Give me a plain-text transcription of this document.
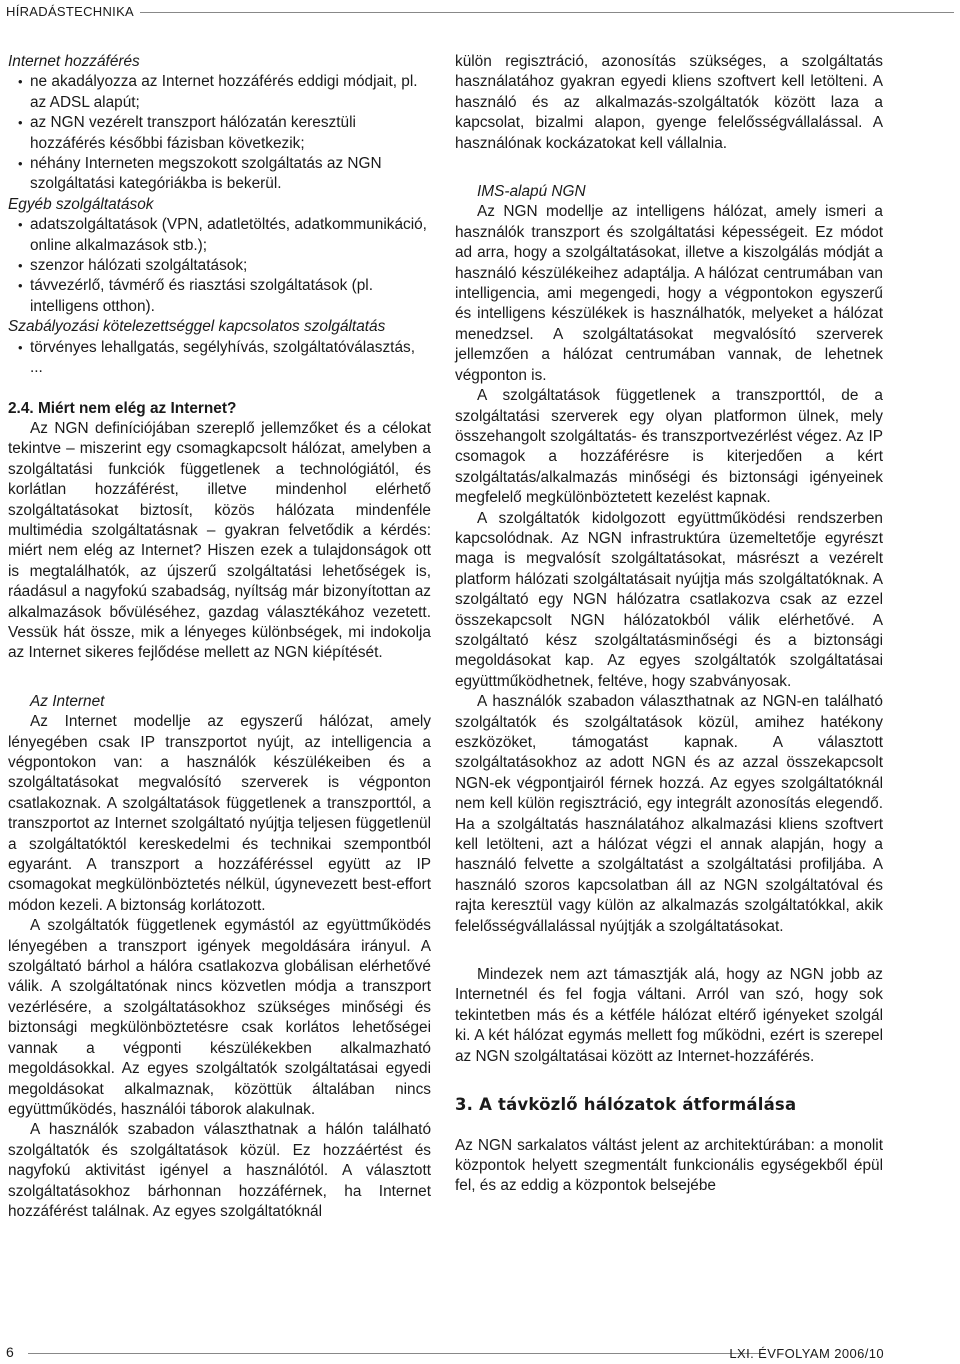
HÍRADÁSTECHNIKA

Internet hozzáférés

• ne akadályozza az Internet hozzáférés eddigi módjait, pl. az ADSL alapút;
• az NGN vezérelt transzport hálózatán keresztüli hozzáférés későbbi fázisban következik;
• néhány Interneten megszokott szolgáltatás az NGN szolgáltatási kategóriákba is bekerül.

Egyéb szolgáltatások

• adatszolgáltatások (VPN, adatletöltés, adatkommunikáció, online alkalmazások stb.);
• szenzor hálózati szolgáltatások;
• távvezérlő, távmérő és riasztási szolgáltatások (pl. intelligens otthon).

Szabályozási kötelezettséggel kapcsolatos szolgáltatás

• törvényes lehallgatás, segélyhívás, szolgáltatóválasztás, ...

2.4. Miért nem elég az Internet?

Az NGN definíciójában szereplő jellemzőket és a célokat tekintve – miszerint egy csomagkapcsolt hálózat, amelyben a szolgáltatási funkciók függetlenek a technológiától, és korlátlan hozzáférést, illetve mindenhol elérhető szolgáltatásokat biztosít, közös hálózata mindenféle multimédia szolgáltatásnak – gyakran felvetődik a kérdés: miért nem elég az Internet? Hiszen ezek a tulajdonságok ott is megtalálhatók, az újszerű szolgáltatási lehetőségek is, ráadásul a nagyfokú szabadság, nyíltság már bizonyítottan az alkalmazások bővüléséhez, gazdag választékához vezetett. Vessük hát össze, mik a lényeges különbségek, mi indokolja az Internet sikeres fejlődése mellett az NGN kiépítését.

Az Internet

Az Internet modellje az egyszerű hálózat, amely lényegében csak IP transzportot nyújt, az intelligencia a végpontokon van: a használók készülékeiben és a szolgáltatásokat megvalósító szerverek is végponton csatlakoznak. A szolgáltatások függetlenek a transzporttól, a transzportot az Internet szolgáltató nyújtja teljesen függetlenül a szolgáltatóktól kereskedelmi és technikai szempontból egyaránt. A transzport a hozzáféréssel együtt az IP csomagokat megkülönböztetés nélkül, úgynevezett best-effort módon kezeli. A biztonság korlátozott.

A szolgáltatók függetlenek egymástól az együttműködés lényegében a transzport igények megoldására irányul. A szolgáltató bárhol a hálóra csatlakozva globálisan elérhetővé válik. A szolgáltatónak nincs közvetlen módja a transzport vezérlésére, a szolgáltatásokhoz szükséges minőségi és biztonsági megkülönböztetésre csak korlátos lehetőségei vannak a végponti készülékekben alkalmazható megoldásokkal. Az egyes szolgáltatók szolgáltatásai egyedi megoldásokat alkalmaznak, közöttük általában nincs együttműködés, használói táborok alakulnak.

A használók szabadon választhatnak a hálón található szolgáltatók és szolgáltatások közül. Ez hozzáértést és nagyfokú aktivitást igényel a használótól. A választott szolgáltatásokhoz bárhonnan hozzáférnek, ha Internet hozzáférést találnak. Az egyes szolgáltatóknál

külön regisztráció, azonosítás szükséges, a szolgáltatás használatához gyakran egyedi kliens szoftvert kell letölteni. A használó és az alkalmazás-szolgáltatók között laza a kapcsolat, bizalmi alapon, gyenge felelősségvállalással. A használónak kockázatokat kell vállalnia.

IMS-alapú NGN

Az NGN modellje az intelligens hálózat, amely ismeri a használók transzport és szolgáltatási képességeit. Ez módot ad arra, hogy a szolgáltatásokat, illetve a kiszolgálás módját a használó készülékeihez adaptálja. A hálózat centrumában van intelligencia, ami megengedi, hogy a végpontokon egyszerű és intelligens készülékek is használhatók, melyeket a hálózat menedzsel. A szolgáltatásokat megvalósító szerverek jellemzően a hálózat centrumában vannak, de lehetnek végponton is.

A szolgáltatások függetlenek a transzporttól, de a szolgáltatási szerverek egy olyan platformon ülnek, mely összehangolt szolgáltatás- és transzportvezérlést végez. Az IP csomagok a hozzáférésre is kiterjedően a kért szolgáltatás/alkalmazás minőségi és biztonsági igényeinek megfelelő megkülönböztetett kezelést kapnak.

A szolgáltatók kidolgozott együttműködési rendszerben kapcsolódnak. Az NGN infrastruktúra üzemeltetője egyrészt maga is megvalósít szolgáltatásokat, másrészt a vezérelt platform hálózati szolgáltatásait nyújtja más szolgáltatóknak. A szolgáltató egy NGN hálózatra csatlakozva csak az ezzel összekapcsolt NGN hálózatokból válik elérhetővé. A szolgáltató kész szolgáltatásminőségi és a biztonsági megoldásokat kap. Az egyes szolgáltatók szolgáltatásai együttműködhetnek, feltéve, hogy szabványosak.

A használók szabadon választhatnak az NGN-en található szolgáltatók és szolgáltatások közül, amihez hatékony eszközöket, támogatást kapnak. A választott szolgáltatásokhoz az adott NGN és az azzal összekapcsolt NGN-ek végpontjairól férnek hozzá. Az egyes szolgáltatóknál nem kell külön regisztráció, egy integrált azonosítás elegendő. Ha a szolgáltatás használatához alkalmazási kliens szoftvert kell letölteni, azt a hálózat végzi el annak alapján, hogy a használó felvette a szolgáltatást a szolgáltatási profiljába. A használó szoros kapcsolatban áll az NGN szolgáltatóval és rajta keresztül vagy külön az alkalmazás szolgáltatókkal, akik felelősségvállalással nyújtják a szolgáltatásokat.

Mindezek nem azt támasztják alá, hogy az NGN jobb az Internetnél és fel fogja váltani. Arról van szó, hogy sok tekintetben más és a kétféle hálózat eltérő igényeket szolgál ki. A két hálózat egymás mellett fog működni, ezért is szerepel az NGN szolgáltatásai között az Internet-hozzáférés.

3. A távközlő hálózatok átformálása

Az NGN sarkalatos váltást jelent az architektúrában: a monolit központok helyett szegmentált funkcionális egységekből épül fel, és az eddig a központok belsejébe

6	LXI. ÉVFOLYAM 2006/10
